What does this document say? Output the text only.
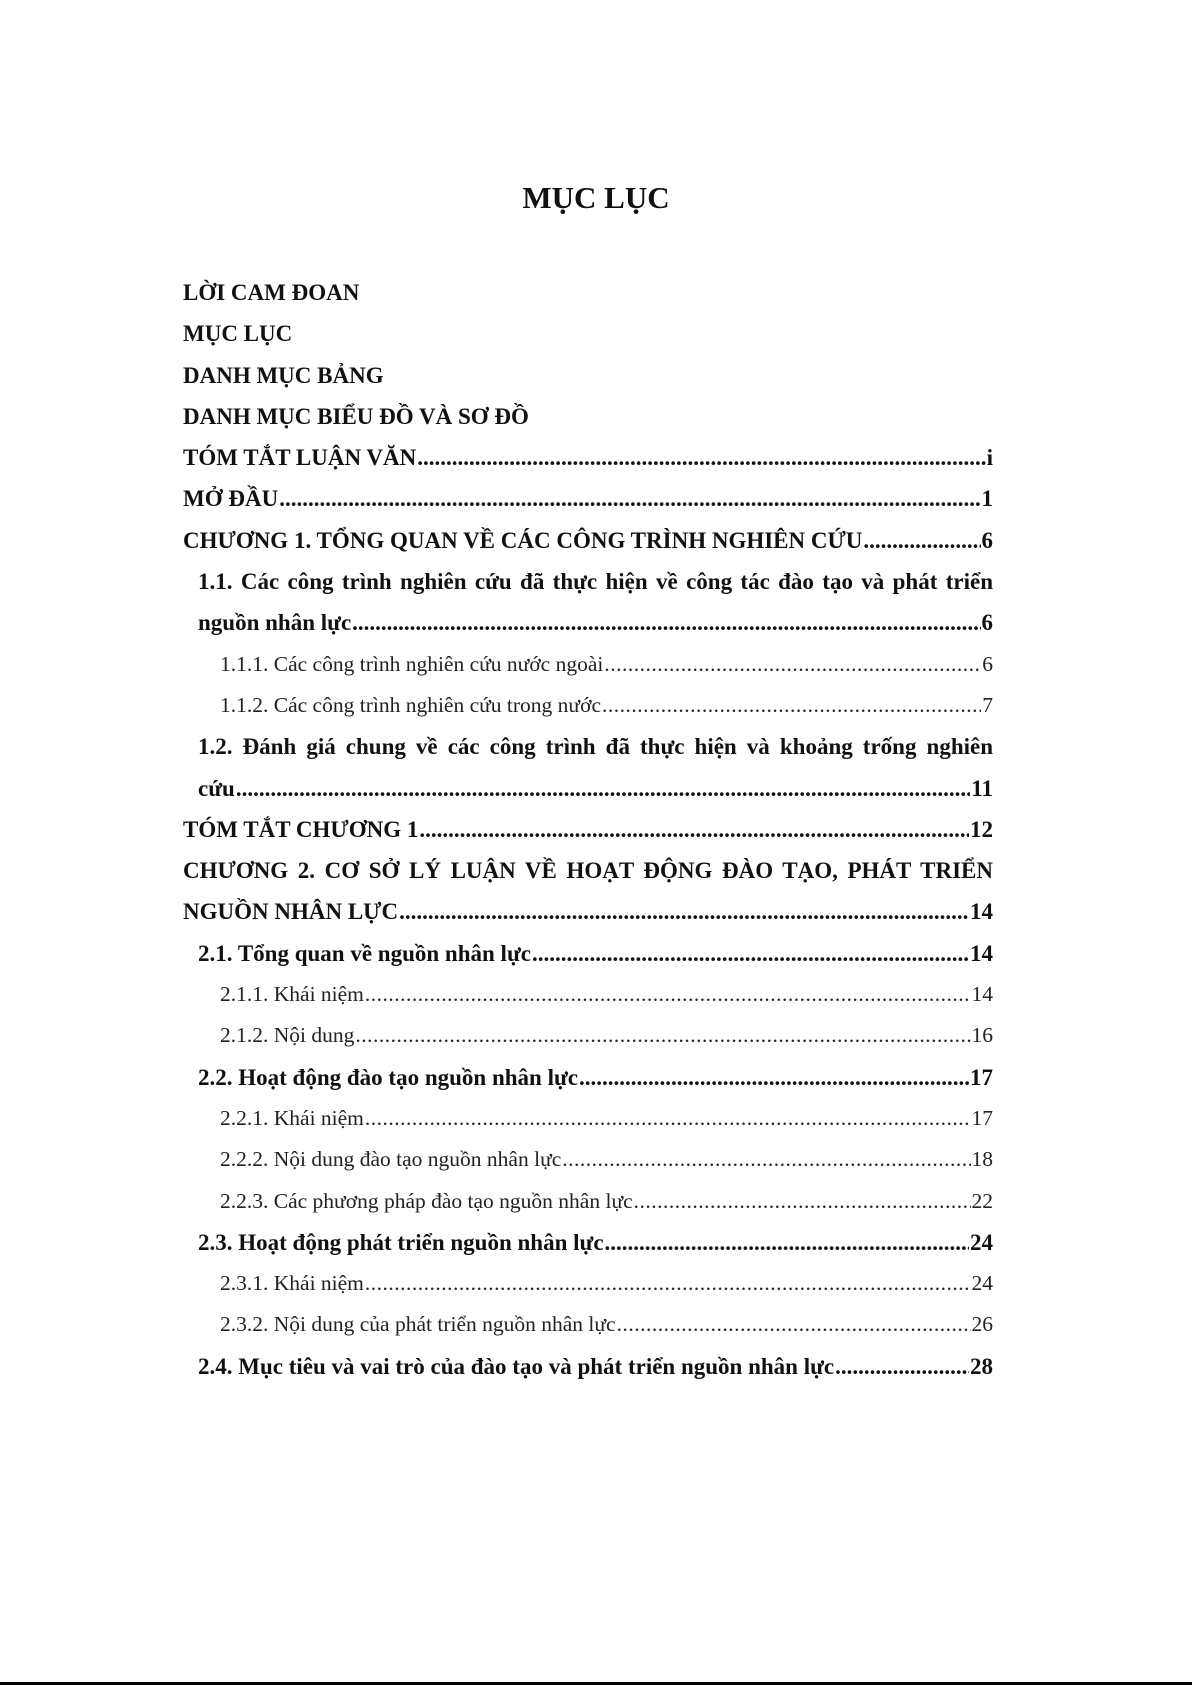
MỤC LỤC
LỜI CAM ĐOAN
MỤC LỤC
DANH MỤC BẢNG
DANH MỤC BIỂU ĐỒ VÀ SƠ ĐỒ
TÓM TẮT LUẬN VĂN .....	i
MỞ ĐẦU .....	1
CHƯƠNG 1. TỔNG QUAN VỀ CÁC CÔNG TRÌNH NGHIÊN CỨU .....	6
1.1. Các công trình nghiên cứu đã thực hiện về công tác đào tạo và phát triển
nguồn nhân lực .....	6
1.1.1. Các công trình nghiên cứu nước ngoài .....	6
1.1.2. Các công trình nghiên cứu trong nước .....	7
1.2. Đánh giá chung về các công trình đã thực hiện và khoảng trống nghiên
cứu .....	11
TÓM TẮT CHƯƠNG 1 .....	12
CHƯƠNG 2. CƠ SỞ LÝ LUẬN VỀ HOẠT ĐỘNG ĐÀO TẠO, PHÁT TRIỂN
NGUỒN NHÂN LỰC .....	14
2.1. Tổng quan về nguồn nhân lực .....	14
2.1.1. Khái niệm .....	14
2.1.2. Nội dung .....	16
2.2. Hoạt động đào tạo nguồn nhân lực .....	17
2.2.1. Khái niệm .....	17
2.2.2. Nội dung đào tạo nguồn nhân lực .....	18
2.2.3. Các phương pháp đào tạo nguồn nhân lực .....	22
2.3. Hoạt động phát triển nguồn nhân lực .....	24
2.3.1. Khái niệm .....	24
2.3.2. Nội dung của phát triển nguồn nhân lực .....	26
2.4. Mục tiêu và vai trò của đào tạo và phát triển nguồn nhân lực .....	28
